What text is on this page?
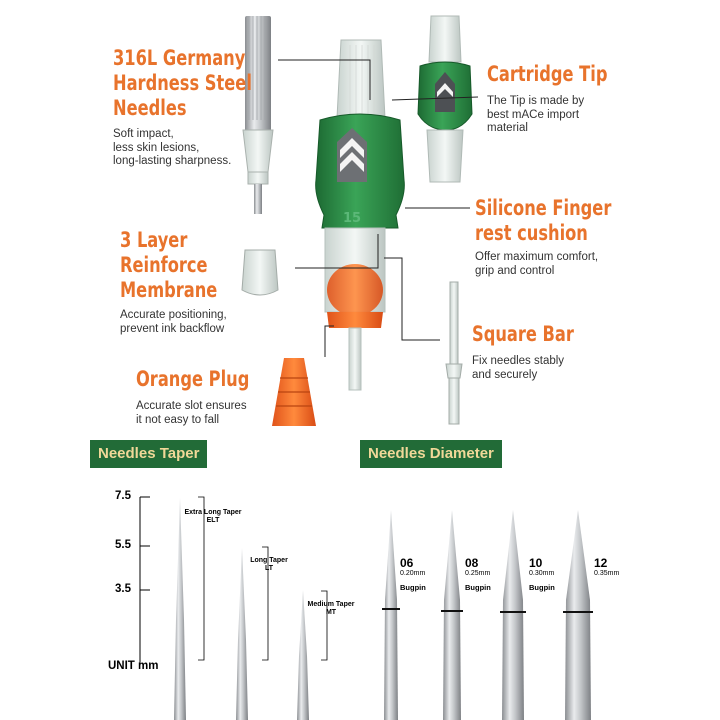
15
316L Germany
Hardness Steel
Needles
Soft impact,
less skin lesions,
long-lasting sharpness.
Cartridge Tip
The Tip is made by
best mACe import
material
Silicone Finger
rest cushion
Offer maximum comfort,
grip and control
3 Layer
Reinforce
Membrane
Accurate positioning,
prevent ink backflow	Square Bar
Fix needles stably
and securely
Orange Plug
Accurate slot ensures
it not easy to fall
Needles Taper	Needles Diameter
7.5
5.5
3.5
UNIT mm
Extra Long Taper
ELT
Long Taper
LT
Medium Taper
MT
06
0.20mm
Bugpin
08
0.25mm
Bugpin
10
0.30mm
Bugpin
12
0.35mm
